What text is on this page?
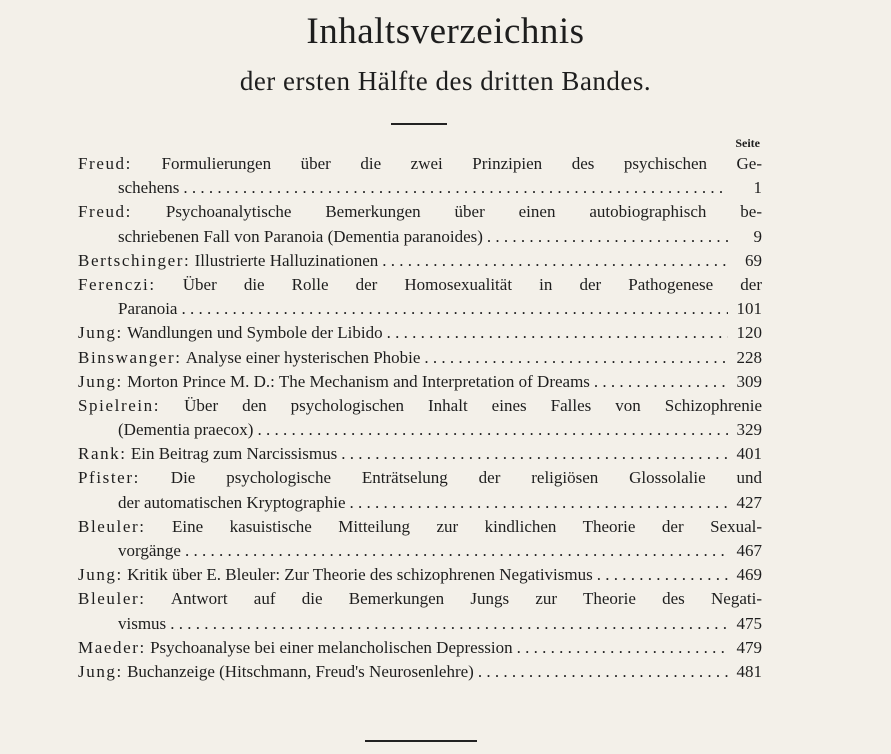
Inhaltsverzeichnis
der ersten Hälfte des dritten Bandes.
Seite
Freud: Formulierungen über die zwei Prinzipien des psychischen Ge-
schehens . . .	1
Freud: Psychoanalytische Bemerkungen über einen autobiographisch be-
schriebenen Fall von Paranoia (Dementia paranoides) . . .	9
Bertschinger:
Illustrierte Halluzinationen . . .	69
Ferenczi: Über die Rolle der Homosexualität in der Pathogenese der
Paranoia . . .	101
Jung:
Wandlungen und Symbole der Libido . . .	120
Binswanger:
Analyse einer hysterischen Phobie . . .	228
Jung:
Morton Prince M. D.: The Mechanism and Interpretation of Dreams . . .	309
Spielrein: Über den psychologischen Inhalt eines Falles von Schizophrenie
(Dementia praecox) . . .	329
Rank:
Ein Beitrag zum Narcissismus . . .	401
Pfister: Die psychologische Enträtselung der religiösen Glossolalie und
der automatischen Kryptographie . . .	427
Bleuler: Eine kasuistische Mitteilung zur kindlichen Theorie der Sexual-
vorgänge . . .	467
Jung:
Kritik über E. Bleuler: Zur Theorie des schizophrenen Negativismus . . .	469
Bleuler: Antwort auf die Bemerkungen Jungs zur Theorie des Negati-
vismus . . .	475
Maeder:
Psychoanalyse bei einer melancholischen Depression . . .	479
Jung:
Buchanzeige (Hitschmann, Freud's Neurosenlehre) . . .	481
